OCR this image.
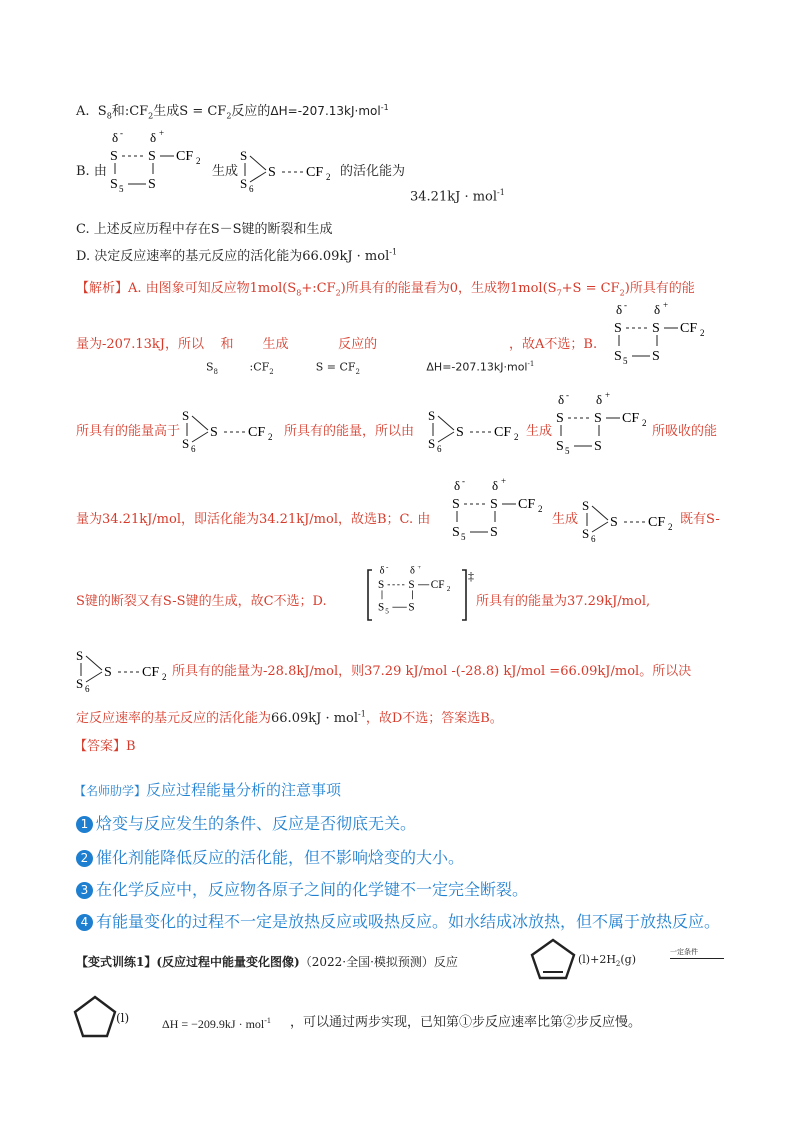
A. $S_8$和$:CF_2$生成$S = CF_2$反应的ΔH=-207.13kJ·mol$^{-1}$
B. 由	生成	的活化能为
34.21kJ · mol$^{-1}$
C. 上述反应历程中存在S－S键的断裂和生成
D. 决定反应速率的基元反应的活化能为66.09kJ · mol$^{-1}$
【解析】A. 由图象可知反应物$1mol(S_8+:CF_2)$所具有的能量看为0，生成物$1mol(S_7+S = CF_2)$所具有的能
量为-207.13kJ，所以 和 生成	反应的	，故A不选；B.
$S_8$	$:CF_2$	$S = CF_2$	ΔH=-207.13kJ·mol$^{-1}$
所具有的能量高于	所具有的能量，所以由	生成	所吸收的能
量为34.21kJ/mol，即活化能为34.21kJ/mol，故选B；C. 由	生成	既有S-
S键的断裂又有S-S键的生成，故C不选；D.
‡
所具有的能量为37.29kJ/mol,
所具有的能量为-28.8kJ/mol，则37.29 kJ/mol -(-28.8) kJ/mol =66.09kJ/mol。所以决
定反应速率的基元反应的活化能为66.09kJ · mol$^{-1}$，故D不选；答案选B。
【答案】B
【名师肋学】反应过程能量分析的注意事项
1 焓变与反应发生的条件、反应是否彻底无关。
2 催化剂能降低反应的活化能，但不影响焓变的大小。
3 在化学反应中，反应物各原子之间的化学键不一定完全断裂。
4 有能量变化的过程不一定是放热反应或吸热反应。如水结成冰放热，但不属于放热反应。
【变式训练1】(反应过程中能量变化图像)（2022·全国·模拟预测）反应	$(l)+2H_2(g)$
一定条件
(l)	ΔH = −209.9kJ · mol$^{-1}$ ，可以通过两步实现，已知第①步反应速率比第②步反应慢。
